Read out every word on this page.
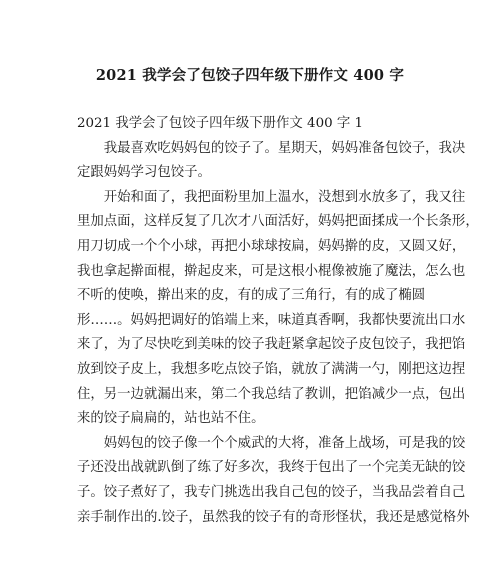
2021 我学会了包饺子四年级下册作文 400 字
2021 我学会了包饺子四年级下册作文 400 字 1
　　我最喜欢吃妈妈包的饺子了。星期天，妈妈准备包饺子，我决
定跟妈妈学习包饺子。
　　开始和面了，我把面粉里加上温水，没想到水放多了，我又往
里加点面，这样反复了几次才八面活好，妈妈把面揉成一个长条形，
用刀切成一个个小球，再把小球球按扁，妈妈擀的皮，又圆又好，
我也拿起擀面棍，擀起皮来，可是这根小棍像被施了魔法，怎么也
不听的使唤，擀出来的皮，有的成了三角行，有的成了椭圆
形……。妈妈把调好的馅端上来，味道真香啊，我都快要流出口水
来了，为了尽快吃到美味的饺子我赶紧拿起饺子皮包饺子，我把馅
放到饺子皮上，我想多吃点饺子馅，就放了满满一勺，刚把这边捏
住，另一边就漏出来，第二个我总结了教训，把馅减少一点，包出
来的饺子扁扁的，站也站不住。
　　妈妈包的饺子像一个个威武的大将，准备上战场，可是我的饺
子还没出战就趴倒了练了好多次，我终于包出了一个完美无缺的饺
子。饺子煮好了，我专门挑选出我自己包的饺子，当我品尝着自己
亲手制作出的.饺子，虽然我的饺子有的奇形怪状，我还是感觉格外
